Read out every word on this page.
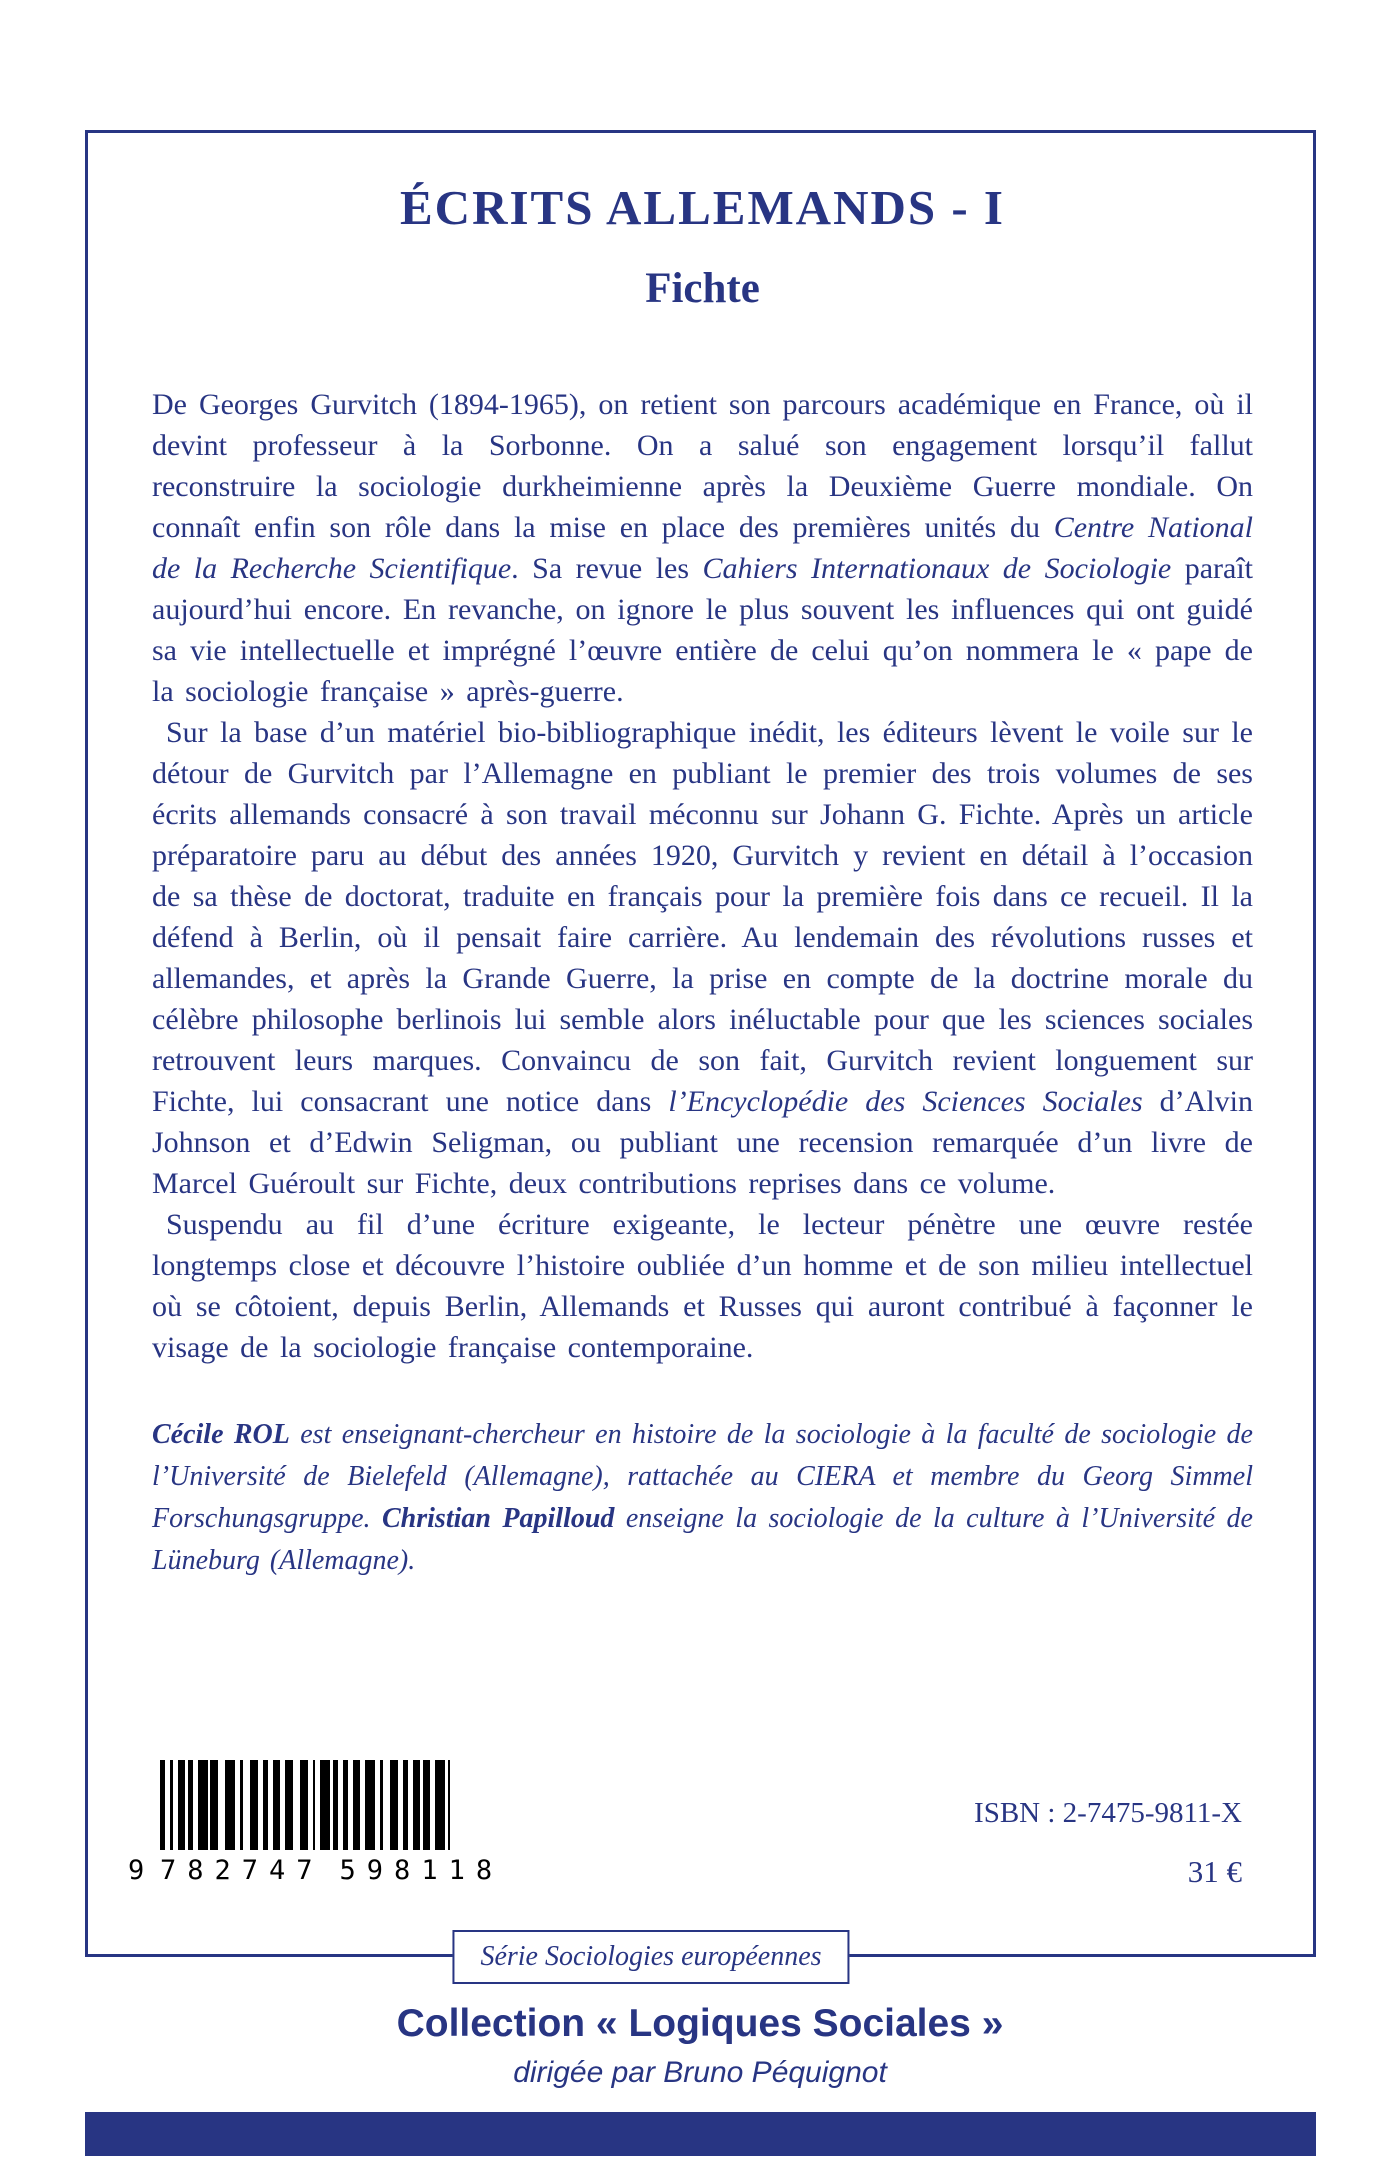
ÉCRITS ALLEMANDS - I
Fichte

De Georges Gurvitch (1894-1965), on retient son parcours académique en France, où il devint professeur à la Sorbonne. On a salué son engagement lorsqu’il fallut reconstruire la sociologie durkheimienne après la Deuxième Guerre mondiale. On connaît enfin son rôle dans la mise en place des premières unités du Centre National de la Recherche Scientifique. Sa revue les Cahiers Internationaux de Sociologie paraît aujourd’hui encore. En revanche, on ignore le plus souvent les influences qui ont guidé sa vie intellectuelle et imprégné l’œuvre entière de celui qu’on nommera le « pape de la sociologie française » après-guerre.

Sur la base d’un matériel bio-bibliographique inédit, les éditeurs lèvent le voile sur le détour de Gurvitch par l’Allemagne en publiant le premier des trois volumes de ses écrits allemands consacré à son travail méconnu sur Johann G. Fichte. Après un article préparatoire paru au début des années 1920, Gurvitch y revient en détail à l’occasion de sa thèse de doctorat, traduite en français pour la première fois dans ce recueil. Il la défend à Berlin, où il pensait faire carrière. Au lendemain des révolutions russes et allemandes, et après la Grande Guerre, la prise en compte de la doctrine morale du célèbre philosophe berlinois lui semble alors inéluctable pour que les sciences sociales retrouvent leurs marques. Convaincu de son fait, Gurvitch revient longuement sur Fichte, lui consacrant une notice dans l’Encyclopédie des Sciences Sociales d’Alvin Johnson et d’Edwin Seligman, ou publiant une recension remarquée d’un livre de Marcel Guéroult sur Fichte, deux contributions reprises dans ce volume.

Suspendu au fil d’une écriture exigeante, le lecteur pénètre une œuvre restée longtemps close et découvre l’histoire oubliée d’un homme et de son milieu intellectuel où se côtoient, depuis Berlin, Allemands et Russes qui auront contribué à façonner le visage de la sociologie française contemporaine.

Cécile ROL est enseignant-chercheur en histoire de la sociologie à la faculté de sociologie de l’Université de Bielefeld (Allemagne), rattachée au CIERA et membre du Georg Simmel Forschungsgruppe. Christian Papilloud enseigne la sociologie de la culture à l’Université de Lüneburg (Allemagne).
9 782747 598118
ISBN : 2-7475-9811-X
31 €
Série Sociologies européennes
Collection « Logiques Sociales »
dirigée par Bruno Péquignot
